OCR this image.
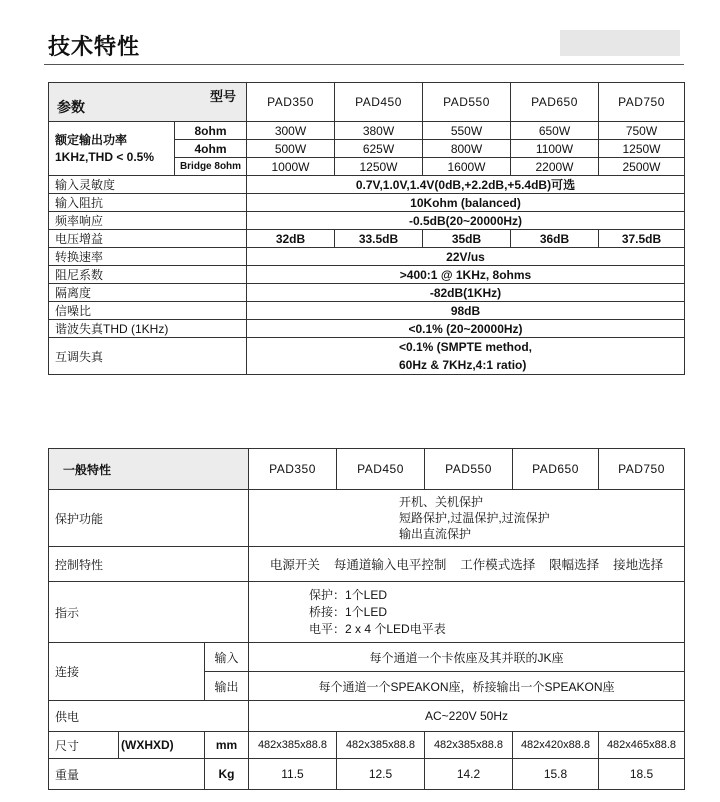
技术特性
型号
参数		PAD350	PAD450	PAD550	PAD650	PAD750
额定输出功率
1KHz,THD < 0.5%	8ohm	300W	380W	550W	650W	750W
	4ohm	500W	625W	800W	1100W	1250W
	Bridge 8ohm	1000W	1250W	1600W	2200W	2500W
输入灵敏度		0.7V,1.0V,1.4V(0dB,+2.2dB,+5.4dB)可选				
输入阻抗		10Kohm (balanced)				
频率响应		-0.5dB(20~20000Hz)				
电压增益		32dB	33.5dB	35dB	36dB	37.5dB
转换速率		22V/us				
阻尼系数		>400:1 @ 1KHz, 8ohms				
隔离度		-82dB(1KHz)				
信噪比		98dB				
谐波失真THD (1KHz)		<0.1% (20~20000Hz)				
互调失真		<0.1% (SMPTE method,
60Hz & 7KHz,4:1 ratio)				
一般特性			PAD350	PAD450	PAD550	PAD650	PAD750
保护功能			开机、关机保护
短路保护,过温保护,过流保护
输出直流保护				
控制特性			电源开关 每通道输入电平控制 工作模式选择 限幅选择 接地选择				
指示			保护：1个LED
桥接：1个LED
电平：2 x 4 个LED电平表				
连接		输入	每个通道一个卡侬座及其并联的JK座				
		输出	每个通道一个SPEAKON座，桥接输出一个SPEAKON座				
供电			AC~220V 50Hz				
尺寸	(WXHXD)	mm	482x385x88.8	482x385x88.8	482x385x88.8	482x420x88.8	482x465x88.8
重量		Kg	11.5	12.5	14.2	15.8	18.5
